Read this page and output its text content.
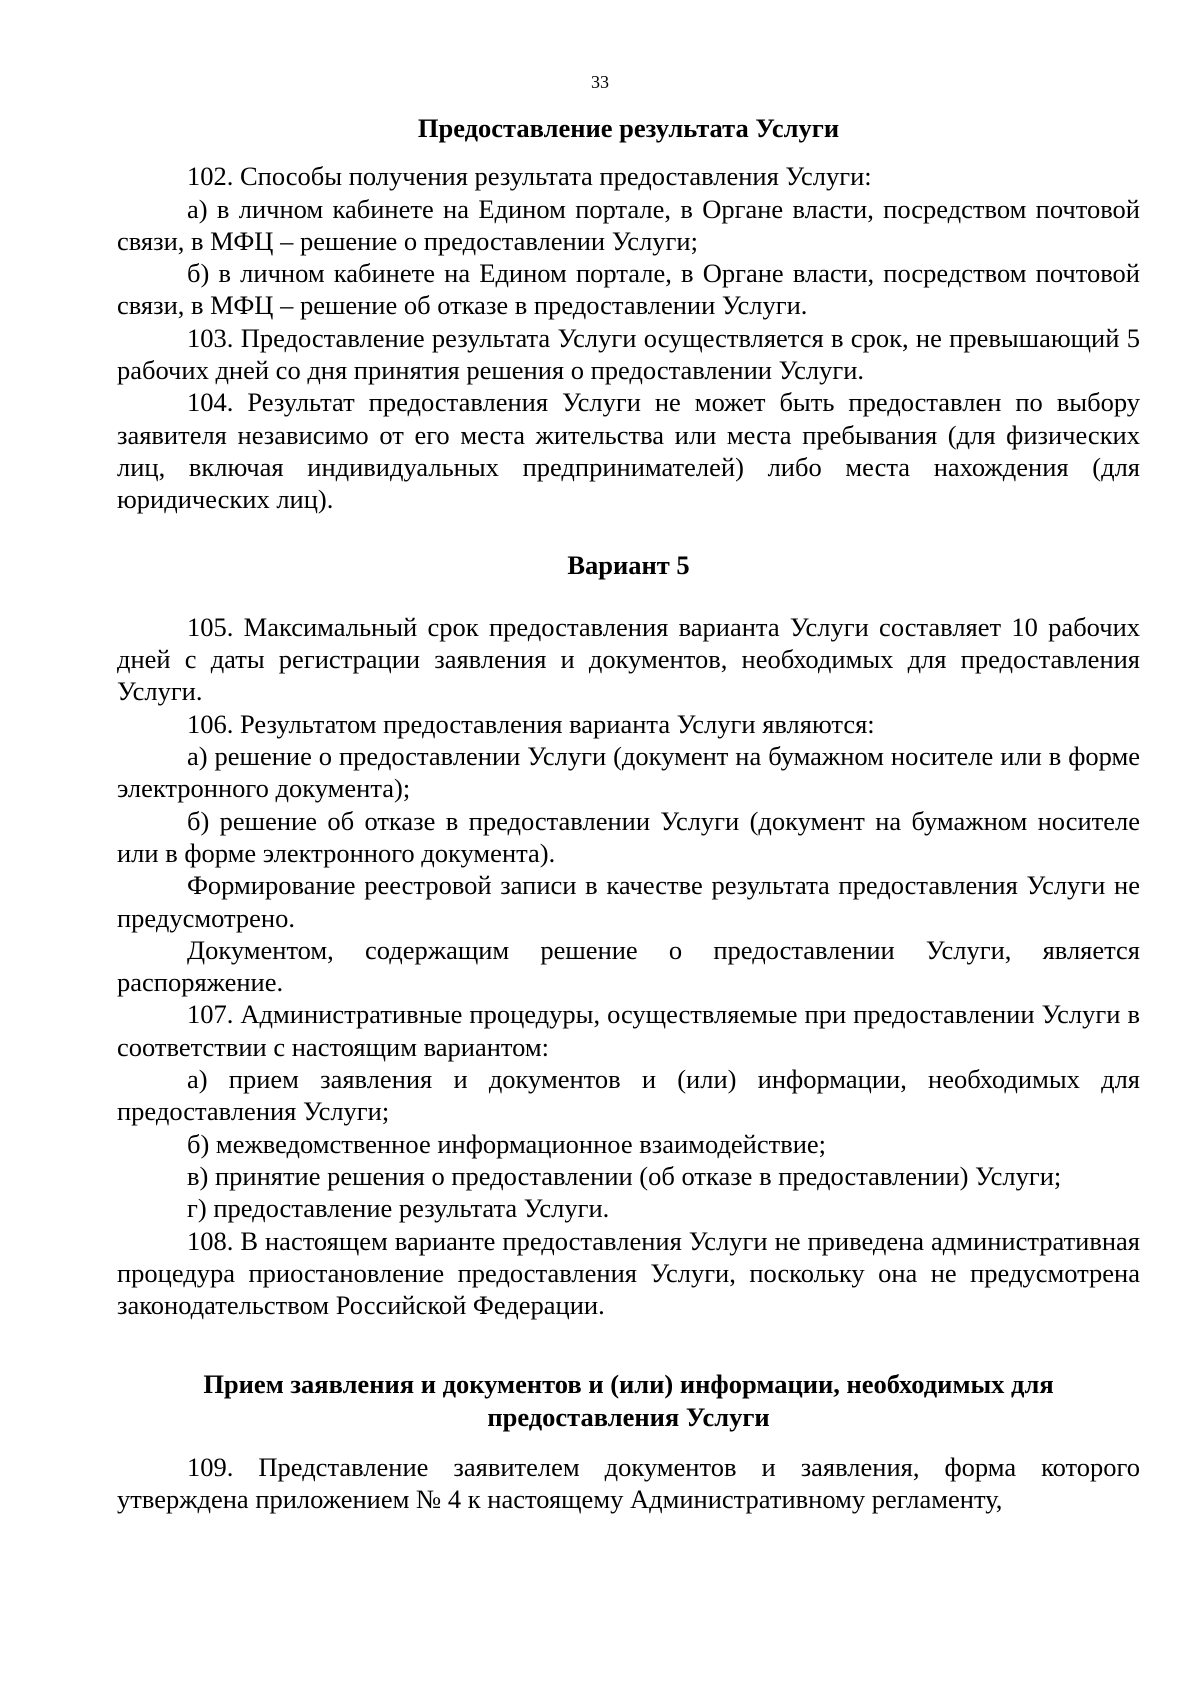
33

Предоставление результата Услуги

102. Способы получения результата предоставления Услуги:

а) в личном кабинете на Едином портале, в Органе власти, посредством почтовой связи, в МФЦ – решение о предоставлении Услуги;

б) в личном кабинете на Едином портале, в Органе власти, посредством почтовой связи, в МФЦ – решение об отказе в предоставлении Услуги.

103. Предоставление результата Услуги осуществляется в срок, не превышающий 5 рабочих дней со дня принятия решения о предоставлении Услуги.

104. Результат предоставления Услуги не может быть предоставлен по выбору заявителя независимо от его места жительства или места пребывания (для физических лиц, включая индивидуальных предпринимателей) либо места нахождения (для юридических лиц).

Вариант 5

105. Максимальный срок предоставления варианта Услуги составляет 10 рабочих дней с даты регистрации заявления и документов, необходимых для предоставления Услуги.

106. Результатом предоставления варианта Услуги являются:

а) решение о предоставлении Услуги (документ на бумажном носителе или в форме электронного документа);

б) решение об отказе в предоставлении Услуги (документ на бумажном носителе или в форме электронного документа).

Формирование реестровой записи в качестве результата предоставления Услуги не предусмотрено.

Документом, содержащим решение о предоставлении Услуги, является распоряжение.

107. Административные процедуры, осуществляемые при предоставлении Услуги в соответствии с настоящим вариантом:

а) прием заявления и документов и (или) информации, необходимых для предоставления Услуги;

б) межведомственное информационное взаимодействие;

в) принятие решения о предоставлении (об отказе в предоставлении) Услуги;

г) предоставление результата Услуги.

108. В настоящем варианте предоставления Услуги не приведена административная процедура приостановление предоставления Услуги, поскольку она не предусмотрена законодательством Российской Федерации.

Прием заявления и документов и (или) информации, необходимых для

предоставления Услуги

109. Представление заявителем документов и заявления, форма которого утверждена приложением № 4 к настоящему Административному регламенту,
